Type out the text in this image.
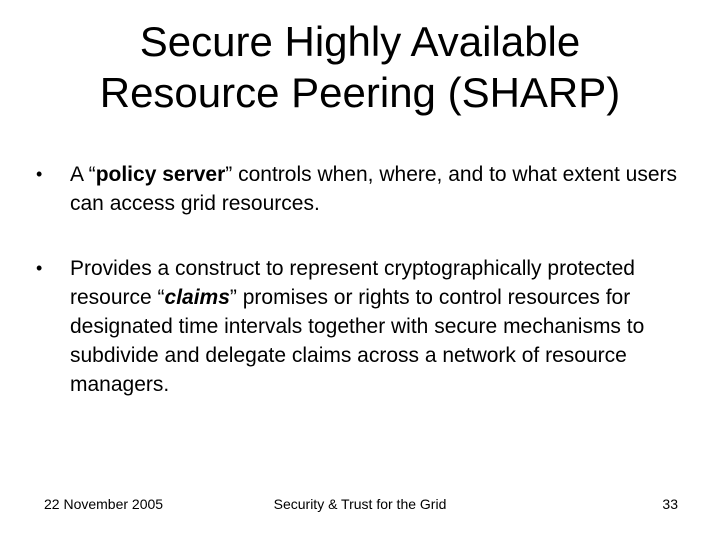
Secure Highly Available
Resource Peering (SHARP)
• A “policy server” controls when, where, and to what extent users can access grid resources.
• Provides a construct to represent cryptographically protected resource “claims” promises or rights to control resources for designated time intervals together with secure mechanisms to subdivide and delegate claims across a network of resource managers.
22 November 2005	Security & Trust for the Grid	33
